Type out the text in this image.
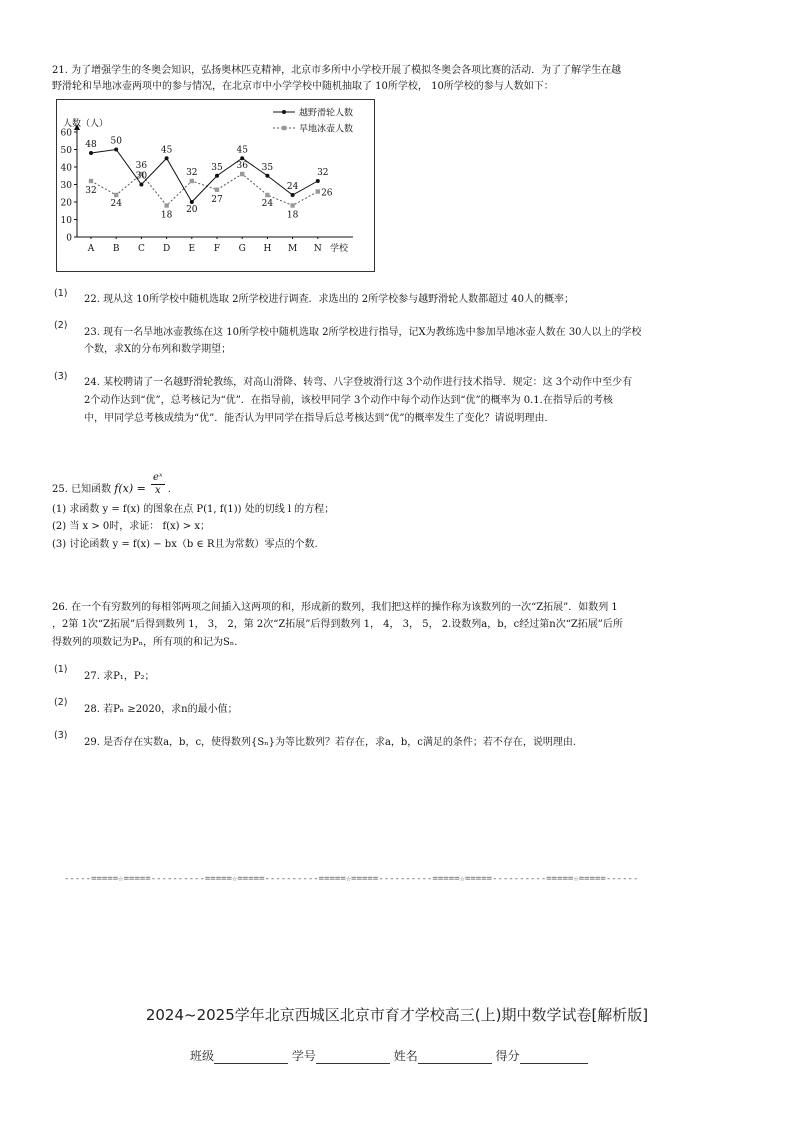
21. 为了增强学生的冬奥会知识，弘扬奥林匹克精神，北京市多所中小学校开展了模拟冬奥会各项比赛的活动．为了了解学生在越
野滑轮和旱地冰壶两项中的参与情况，在北京市中小学学校中随机抽取了 10所学校， 10所学校的参与人数如下：
0
10
20
30
40
50
60
人数（人）
A B C D E F G H M N 学校
48 50
30
45
20
35
45
35
24
32
32
24
36
18
32
27
36
24
18
26
越野滑轮人数
旱地冰壶人数
(1)
22. 现从这 10所学校中随机选取 2所学校进行调查．求选出的 2所学校参与越野滑轮人数都超过 40人的概率；
(2)
23. 现有一名旱地冰壶教练在这 10所学校中随机选取 2所学校进行指导，记X为教练选中参加旱地冰壶人数在 30人以上的学校
个数，求X的分布列和数学期望；
(3)
24. 某校聘请了一名越野滑轮教练，对高山滑降、转弯、八字登坡滑行这 3个动作进行技术指导．规定：这 3个动作中至少有
2个动作达到“优”，总考核记为“优”．在指导前，该校甲同学 3个动作中每个动作达到“优”的概率为 0.1.在指导后的考核
中，甲同学总考核成绩为“优”．能否认为甲同学在指导后总考核达到“优”的概率发生了变化？请说明理由．
25. 已知函数 $f(x) = \frac{\text{eˣ}}{x}$ .
(1) 求函数 y = f(x) 的图象在点 P(1, f(1)) 处的切线 l 的方程；
(2) 当 x > 0时，求证： f(x) > x；
(3) 讨论函数 y = f(x) − bx（b ∈ R且为常数）零点的个数.
26. 在一个有穷数列的每相邻两项之间插入这两项的和，形成新的数列，我们把这样的操作称为该数列的一次“Z拓展”．如数列 1
，2第 1次“Z拓展”后得到数列 1， 3， 2，第 2次“Z拓展”后得到数列 1， 4， 3， 5， 2.设数列a，b，c经过第n次“Z拓展”后所
得数列的项数记为Pₙ，所有项的和记为Sₙ.
(1)
27. 求P₁，P₂；
(2)
28. 若Pₙ ≥2020，求n的最小值；
(3)
29. 是否存在实数a，b，c，使得数列{Sₙ}为等比数列？若存在，求a，b，c满足的条件；若不存在，说明理由.
-----=====☆=====----------=====☆=====----------=====☆=====----------=====☆=====----------=====☆=====------
2024~2025学年北京西城区北京市育才学校高三(上)期中数学试卷[解析版]
班级	学号	姓名	得分
